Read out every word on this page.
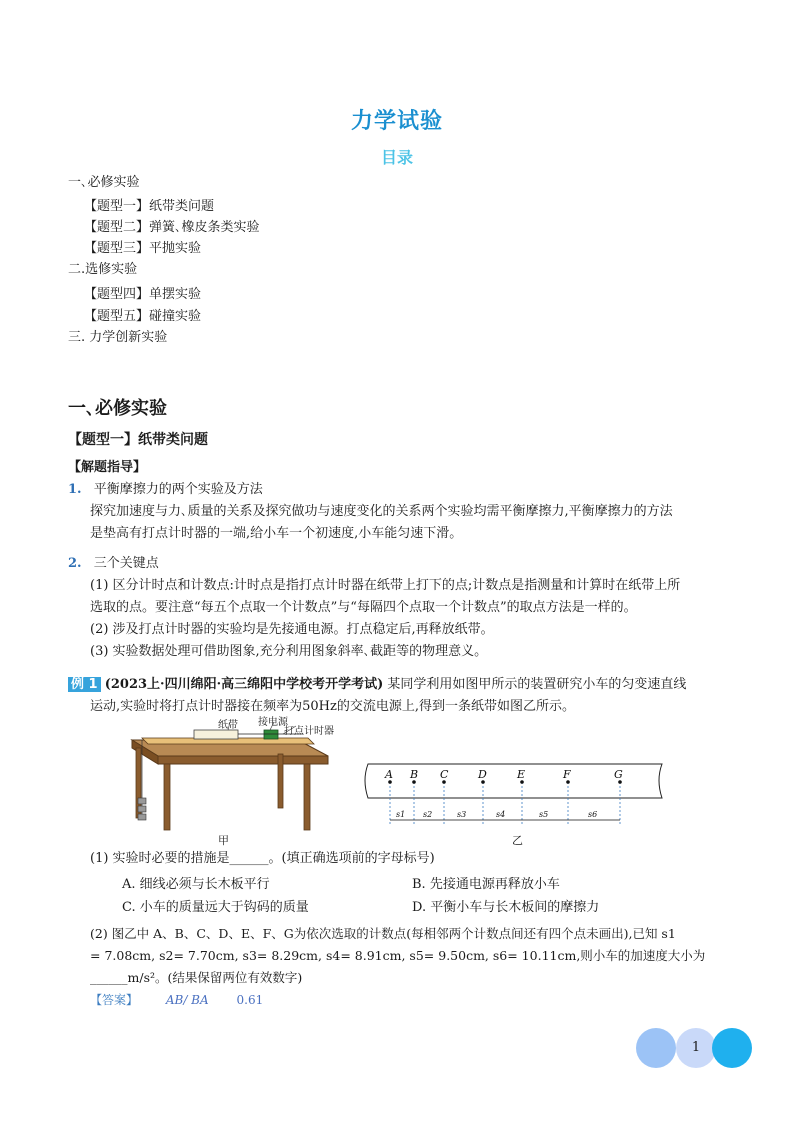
力学试验
目录
一､必修实验
【题型一】纸带类问题
【题型二】弹簧､橡皮条类实验
【题型三】平抛实验
二.选修实验
【题型四】单摆实验
【题型五】碰撞实验
三. 力学创新实验
一､必修实验
【题型一】纸带类问题
【解题指导】
1. 平衡摩擦力的两个实验及方法
探究加速度与力､质量的关系及探究做功与速度变化的关系两个实验均需平衡摩擦力,平衡摩擦力的方法
是垫高有打点计时器的一端,给小车一个初速度,小车能匀速下滑。
2. 三个关键点
(1) 区分计时点和计数点:计时点是指打点计时器在纸带上打下的点;计数点是指测量和计算时在纸带上所
选取的点。要注意“每五个点取一个计数点”与“每隔四个点取一个计数点”的取点方法是一样的。
(2) 涉及打点计时器的实验均是先接通电源。打点稳定后,再释放纸带。
(3) 实验数据处理可借助图象,充分利用图象斜率､截距等的物理意义。
例 1 (2023上·四川绵阳·高三绵阳中学校考开学考试) 某同学利用如图甲所示的装置研究小车的匀变速直线
运动,实验时将打点计时器接在频率为50Hz的交流电源上,得到一条纸带如图乙所示。
纸带 接电源
打点计时器
甲
A B C	D	E	F	G
s1 s2	s3	s4	s5	s6
乙
(1) 实验时必要的措施是______。(填正确选项前的字母标号)
A. 细线必须与长木板平行	B. 先接通电源再释放小车
C. 小车的质量远大于钩码的质量	D. 平衡小车与长木板间的摩擦力
(2) 图乙中 A、B、C、D、E、F、G为依次选取的计数点(每相邻两个计数点间还有四个点未画出),已知 s1
= 7.08cm, s2= 7.70cm, s3= 8.29cm, s4= 8.91cm, s5= 9.50cm, s6= 10.11cm,则小车的加速度大小为
______m/s²。(结果保留两位有效数字)
【答案】 AB/ BA 0.61
1
